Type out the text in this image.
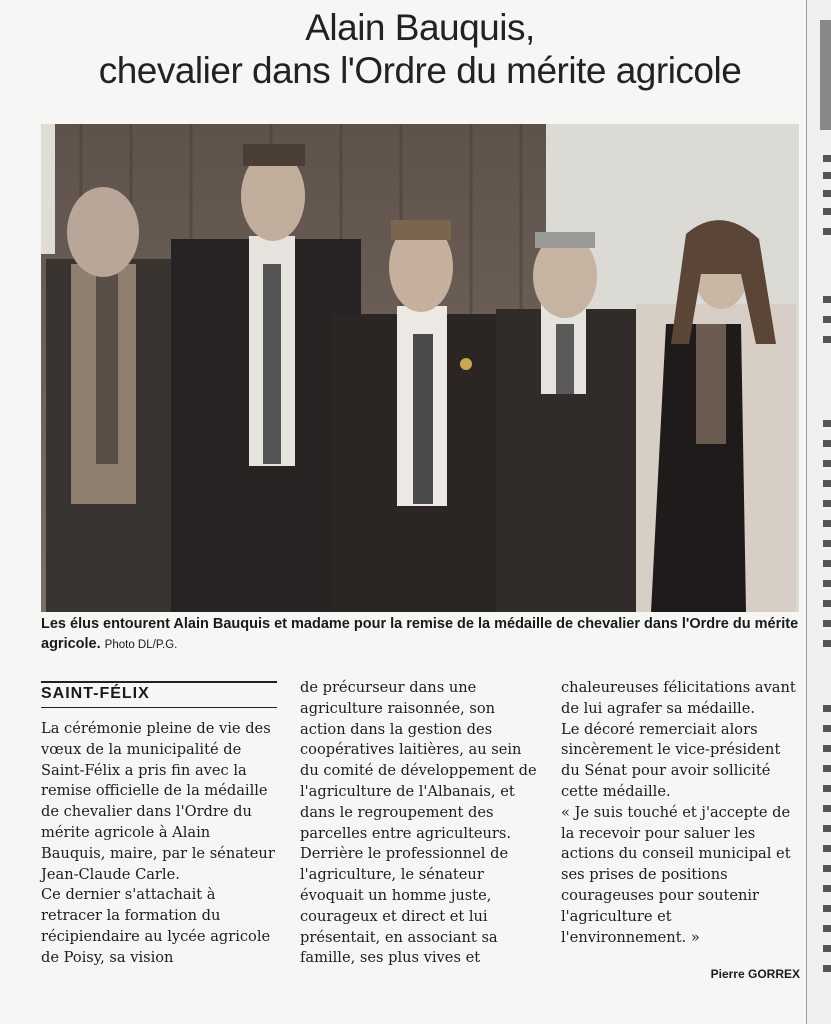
Alain Bauquis,
chevalier dans l'Ordre du mérite agricole
Les élus entourent Alain Bauquis et madame pour la remise de la médaille de chevalier dans l'Ordre du mérite agricole. Photo DL/P.G.
SAINT-FÉLIX

La cérémonie pleine de vie des vœux de la municipalité de Saint-Félix a pris fin avec la remise officielle de la médaille de chevalier dans l'Ordre du mérite agricole à Alain Bauquis, maire, par le sénateur Jean-Claude Carle.

Ce dernier s'attachait à retracer la formation du récipiendaire au lycée agricole de Poisy, sa vision

de précurseur dans une agriculture raisonnée, son action dans la gestion des coopératives laitières, au sein du comité de développement de l'agriculture de l'Albanais, et dans le regroupement des parcelles entre agriculteurs. Derrière le professionnel de l'agriculture, le sénateur évoquait un homme juste, courageux et direct et lui présentait, en associant sa famille, ses plus vives et

chaleureuses félicitations avant de lui agrafer sa médaille.

Le décoré remerciait alors sincèrement le vice-président du Sénat pour avoir sollicité cette médaille.

« Je suis touché et j'accepte de la recevoir pour saluer les actions du conseil municipal et ses prises de positions courageuses pour soutenir l'agriculture et l'environnement. »

Pierre GORREX
